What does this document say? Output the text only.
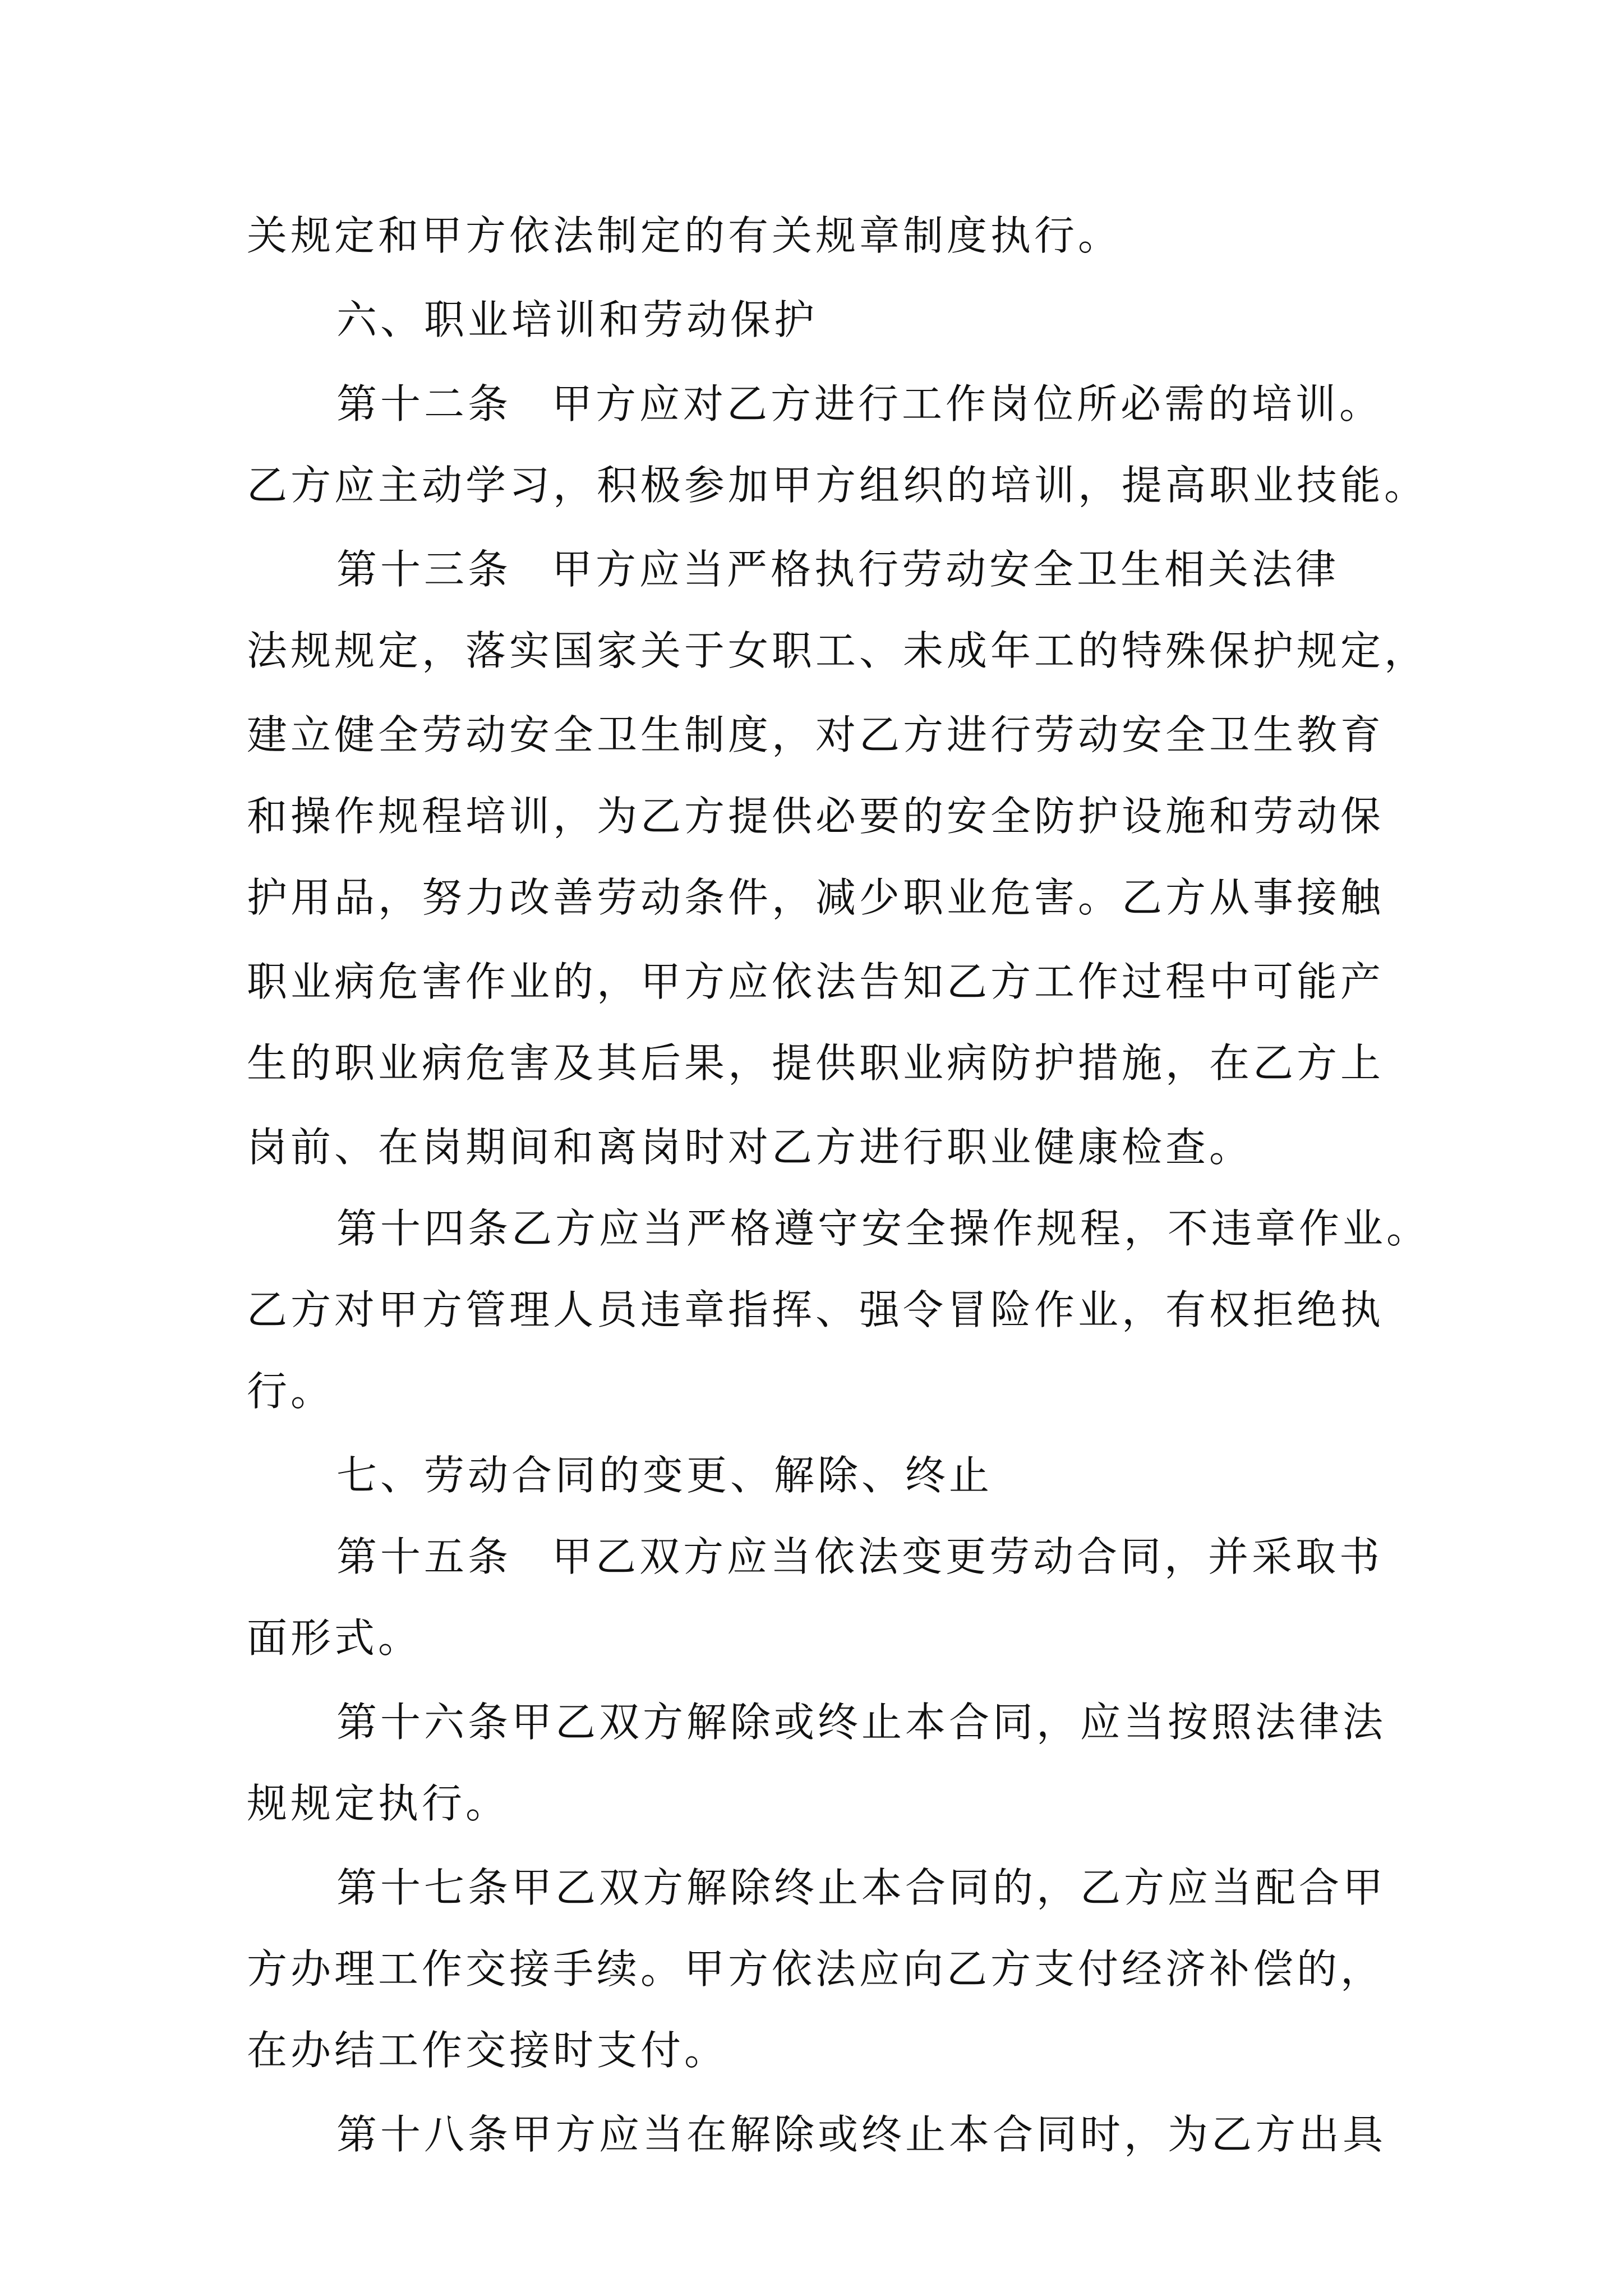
关规定和甲方依法制定的有关规章制度执行。
六、职业培训和劳动保护
第十二条 甲方应对乙方进行工作岗位所必需的培训。
乙方应主动学习，积极参加甲方组织的培训，提高职业技能。
第十三条 甲方应当严格执行劳动安全卫生相关法律
法规规定，落实国家关于女职工、未成年工的特殊保护规定，
建立健全劳动安全卫生制度，对乙方进行劳动安全卫生教育
和操作规程培训，为乙方提供必要的安全防护设施和劳动保
护用品，努力改善劳动条件，减少职业危害。乙方从事接触
职业病危害作业的，甲方应依法告知乙方工作过程中可能产
生的职业病危害及其后果，提供职业病防护措施，在乙方上
岗前、在岗期间和离岗时对乙方进行职业健康检查。
第十四条乙方应当严格遵守安全操作规程，不违章作业。
乙方对甲方管理人员违章指挥、强令冒险作业，有权拒绝执
行。
七、劳动合同的变更、解除、终止
第十五条 甲乙双方应当依法变更劳动合同，并采取书
面形式。
第十六条甲乙双方解除或终止本合同，应当按照法律法
规规定执行。
第十七条甲乙双方解除终止本合同的，乙方应当配合甲
方办理工作交接手续。甲方依法应向乙方支付经济补偿的，
在办结工作交接时支付。
第十八条甲方应当在解除或终止本合同时，为乙方出具
